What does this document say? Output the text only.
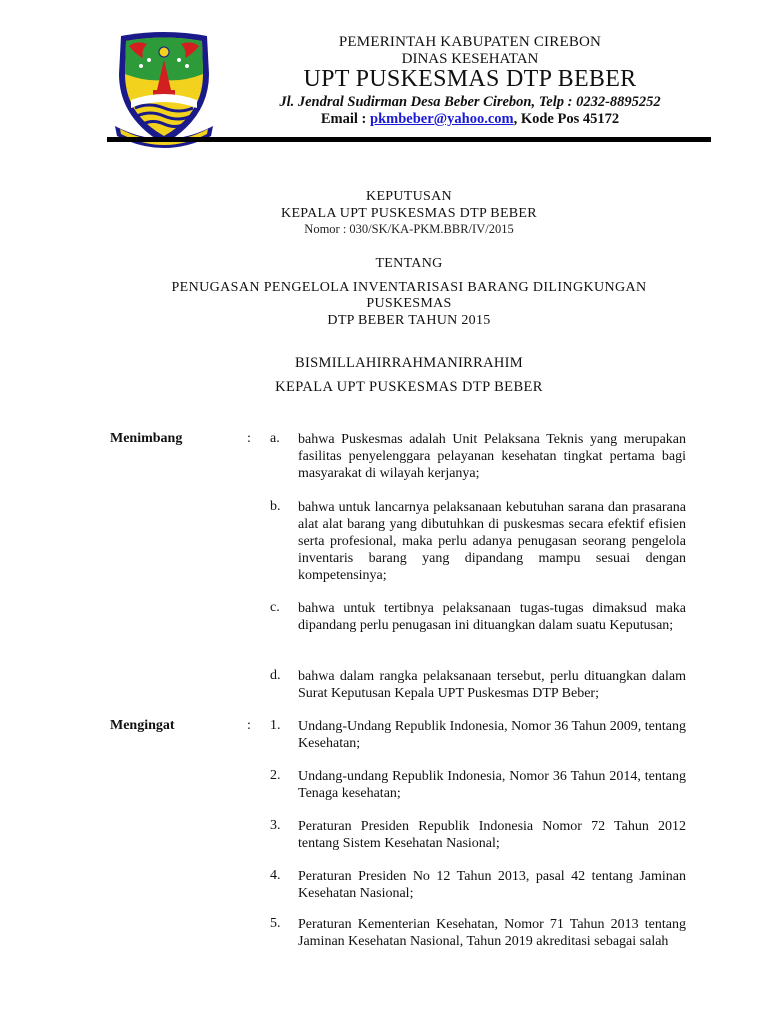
PEMERINTAH KABUPATEN CIREBON
DINAS KESEHATAN
UPT PUSKESMAS DTP BEBER
Jl. Jendral Sudirman Desa Beber Cirebon, Telp : 0232-8895252
Email : pkmbeber@yahoo.com, Kode Pos 45172
KEPUTUSAN
KEPALA UPT PUSKESMAS DTP BEBER
Nomor : 030/SK/KA-PKM.BBR/IV/2015
TENTANG
PENUGASAN PENGELOLA INVENTARISASI BARANG DILINGKUNGAN
PUSKESMAS
DTP BEBER TAHUN 2015
BISMILLAHIRRAHMANIRRAHIM
KEPALA UPT PUSKESMAS DTP BEBER
Menimbang	: a.	bahwa Puskesmas adalah Unit Pelaksana Teknis yang merupakan fasilitas penyelenggara pelayanan kesehatan tingkat pertama bagi masyarakat di wilayah kerjanya;
b.	bahwa untuk lancarnya pelaksanaan kebutuhan sarana dan prasarana alat alat barang yang dibutuhkan di puskesmas secara efektif efisien serta profesional, maka perlu adanya penugasan seorang pengelola inventaris barang yang dipandang mampu sesuai dengan kompetensinya;
c.	bahwa untuk tertibnya pelaksanaan tugas-tugas dimaksud maka dipandang perlu penugasan ini dituangkan dalam suatu Keputusan;
d.	bahwa dalam rangka pelaksanaan tersebut, perlu dituangkan dalam Surat Keputusan Kepala UPT Puskesmas DTP Beber;
Mengingat	: 1.	Undang-Undang Republik Indonesia, Nomor 36 Tahun 2009, tentang Kesehatan;
2.	Undang-undang Republik Indonesia, Nomor 36 Tahun 2014, tentang Tenaga kesehatan;
3.	Peraturan Presiden Republik Indonesia Nomor 72 Tahun 2012 tentang Sistem Kesehatan Nasional;
4.	Peraturan Presiden No 12 Tahun 2013, pasal 42 tentang Jaminan Kesehatan Nasional;
5.	Peraturan Kementerian Kesehatan, Nomor 71 Tahun 2013 tentang Jaminan Kesehatan Nasional, Tahun 2019 akreditasi sebagai salah
